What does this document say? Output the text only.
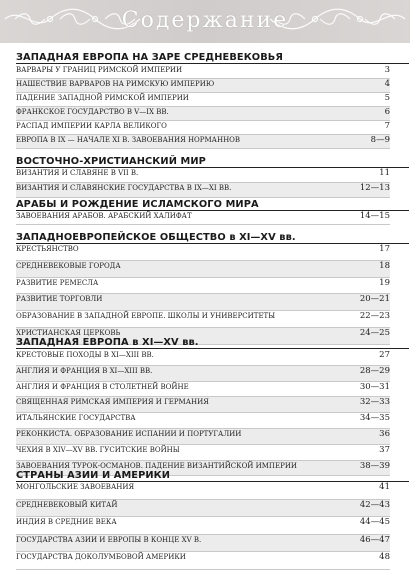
Содержание
ЗАПАДНАЯ ЕВРОПА НА ЗАРЕ СРЕДНЕВЕКОВЬЯ
ВАРВАРЫ У ГРАНИЦ РИМСКОЙ ИМПЕРИИ	3
НАШЕСТВИЕ ВАРВАРОВ НА РИМСКУЮ ИМПЕРИЮ	4
ПАДЕНИЕ ЗАПАДНОЙ РИМСКОЙ ИМПЕРИИ	5
ФРАНКСКОЕ ГОСУДАРСТВО В V—IX ВВ.	6
РАСПАД ИМПЕРИИ КАРЛА ВЕЛИКОГО	7
ЕВРОПА В IX — НАЧАЛЕ XI В. ЗАВОЕВАНИЯ НОРМАННОВ	8—9
ВОСТОЧНО-ХРИСТИАНСКИЙ МИР
ВИЗАНТИЯ И СЛАВЯНЕ В VII В.	11
ВИЗАНТИЯ И СЛАВЯНСКИЕ ГОСУДАРСТВА В IX—XI ВВ.	12—13
АРАБЫ И РОЖДЕНИЕ ИСЛАМСКОГО МИРА
ЗАВОЕВАНИЯ АРАБОВ. АРАБСКИЙ ХАЛИФАТ	14—15
ЗАПАДНОЕВРОПЕЙСКОЕ ОБЩЕСТВО в XI—XV вв.
КРЕСТЬЯНСТВО	17
СРЕДНЕВЕКОВЫЕ ГОРОДА	18
РАЗВИТИЕ РЕМЕСЛА	19
РАЗВИТИЕ ТОРГОВЛИ	20—21
ОБРАЗОВАНИЕ В ЗАПАДНОЙ ЕВРОПЕ. ШКОЛЫ И УНИВЕРСИТЕТЫ	22—23
ХРИСТИАНСКАЯ ЦЕРКОВЬ	24—25
ЗАПАДНАЯ ЕВРОПА в XI—XV вв.
КРЕСТОВЫЕ ПОХОДЫ В XI—XIII ВВ.	27
АНГЛИЯ И ФРАНЦИЯ В XI—XIII ВВ.	28—29
АНГЛИЯ И ФРАНЦИЯ В СТОЛЕТНЕЙ ВОЙНЕ	30—31
СВЯЩЕННАЯ РИМСКАЯ ИМПЕРИЯ И ГЕРМАНИЯ	32—33
ИТАЛЬЯНСКИЕ ГОСУДАРСТВА	34—35
РЕКОНКИСТА. ОБРАЗОВАНИЕ ИСПАНИИ И ПОРТУГАЛИИ	36
ЧЕХИЯ В XIV—XV ВВ. ГУСИТСКИЕ ВОЙНЫ	37
ЗАВОЕВАНИЯ ТУРОК-ОСМАНОВ. ПАДЕНИЕ ВИЗАНТИЙСКОЙ ИМПЕРИИ	38—39
СТРАНЫ АЗИИ И АМЕРИКИ
МОНГОЛЬСКИЕ ЗАВОЕВАНИЯ	41
СРЕДНЕВЕКОВЫЙ КИТАЙ	42—43
ИНДИЯ В СРЕДНИЕ ВЕКА	44—45
ГОСУДАРСТВА АЗИИ И ЕВРОПЫ В КОНЦЕ XV В.	46—47
ГОСУДАРСТВА ДОКОЛУМБОВОЙ АМЕРИКИ	48
